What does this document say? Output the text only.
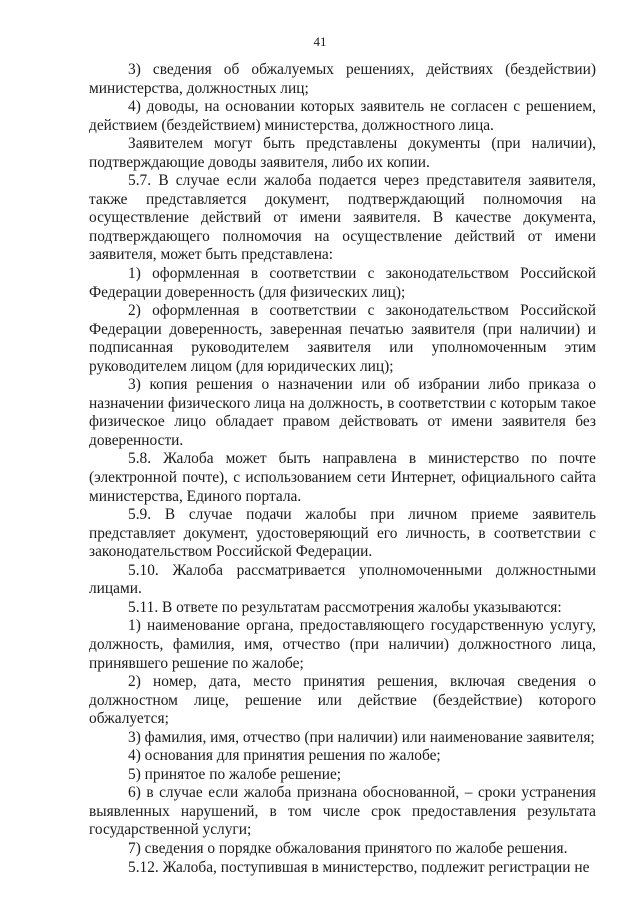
41

3) сведения об обжалуемых решениях, действиях (бездействии) министерства, должностных лиц;

4) доводы, на основании которых заявитель не согласен с решением, действием (бездействием) министерства, должностного лица.

Заявителем могут быть представлены документы (при наличии), подтверждающие доводы заявителя, либо их копии.

5.7. В случае если жалоба подается через представителя заявителя, также представляется документ, подтверждающий полномочия на осуществление действий от имени заявителя. В качестве документа, подтверждающего полномочия на осуществление действий от имени заявителя, может быть представлена:

1) оформленная в соответствии с законодательством Российской Федерации доверенность (для физических лиц);

2) оформленная в соответствии с законодательством Российской Федерации доверенность, заверенная печатью заявителя (при наличии) и подписанная руководителем заявителя или уполномоченным этим руководителем лицом (для юридических лиц);

3) копия решения о назначении или об избрании либо приказа о назначении физического лица на должность, в соответствии с которым такое физическое лицо обладает правом действовать от имени заявителя без доверенности.

5.8. Жалоба может быть направлена в министерство по почте (электронной почте), с использованием сети Интернет, официального сайта министерства, Единого портала.

5.9. В случае подачи жалобы при личном приеме заявитель представляет документ, удостоверяющий его личность, в соответствии с законодательством Российской Федерации.

5.10. Жалоба рассматривается уполномоченными должностными лицами.

5.11. В ответе по результатам рассмотрения жалобы указываются:

1) наименование органа, предоставляющего государственную услугу, должность, фамилия, имя, отчество (при наличии) должностного лица, принявшего решение по жалобе;

2) номер, дата, место принятия решения, включая сведения о должностном лице, решение или действие (бездействие) которого обжалуется;

3) фамилия, имя, отчество (при наличии) или наименование заявителя;

4) основания для принятия решения по жалобе;

5) принятое по жалобе решение;

6) в случае если жалоба признана обоснованной, – сроки устранения выявленных нарушений, в том числе срок предоставления результата государственной услуги;

7) сведения о порядке обжалования принятого по жалобе решения.

5.12. Жалоба, поступившая в министерство, подлежит регистрации не
